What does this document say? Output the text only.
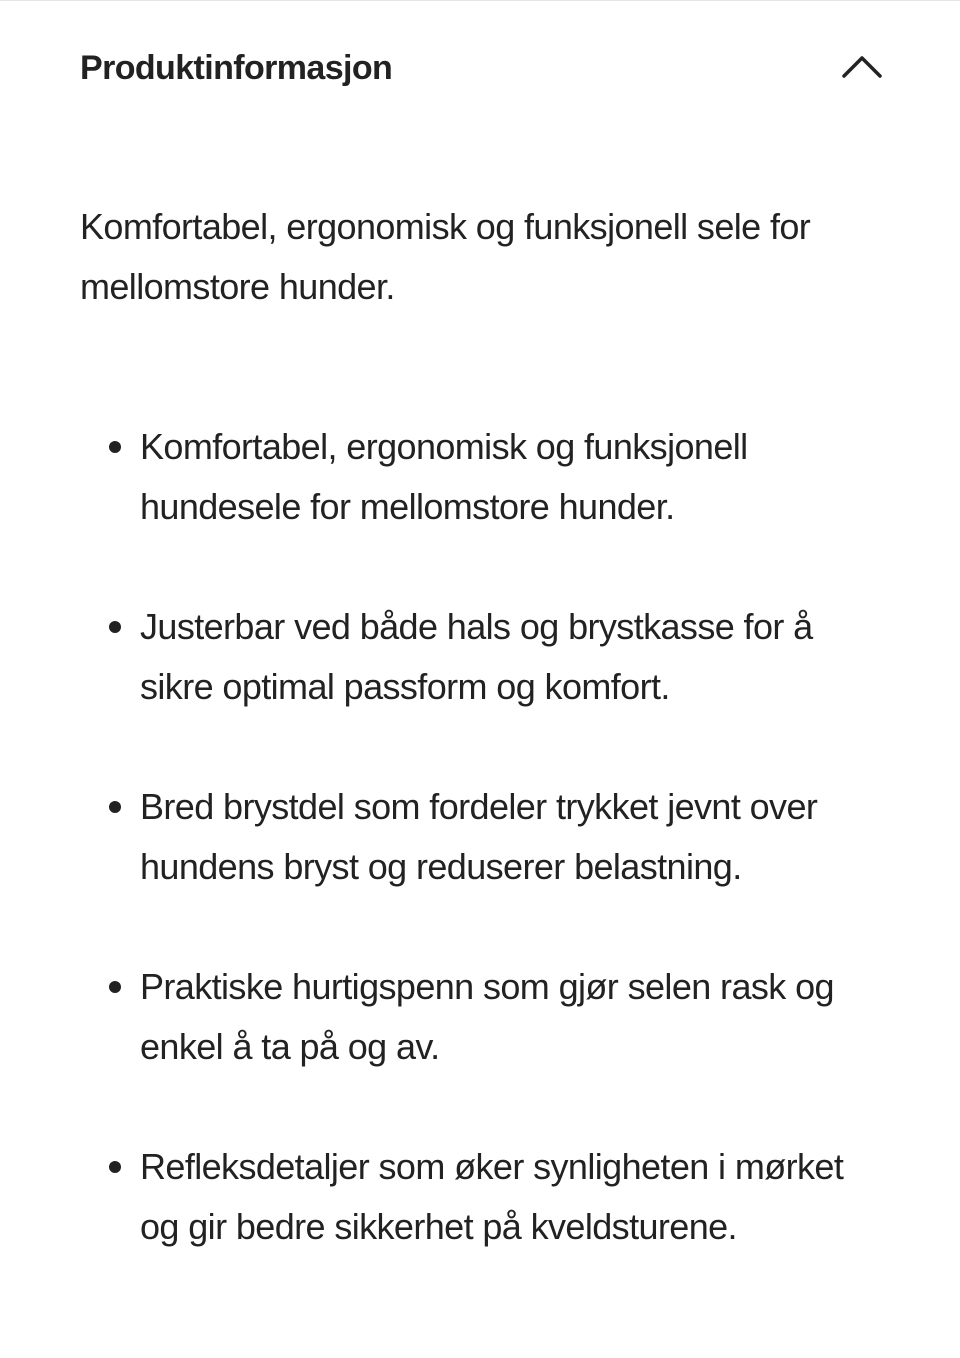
Produktinformasjon

Komfortabel, ergonomisk og funksjonell sele for mellomstore hunder.

Komfortabel, ergonomisk og funksjonell hundesele for mellomstore hunder.
Justerbar ved både hals og brystkasse for å sikre optimal passform og komfort.
Bred brystdel som fordeler trykket jevnt over hundens bryst og reduserer belastning.
Praktiske hurtigspenn som gjør selen rask og enkel å ta på og av.
Refleksdetaljer som øker synligheten i mørket og gir bedre sikkerhet på kveldsturene.
